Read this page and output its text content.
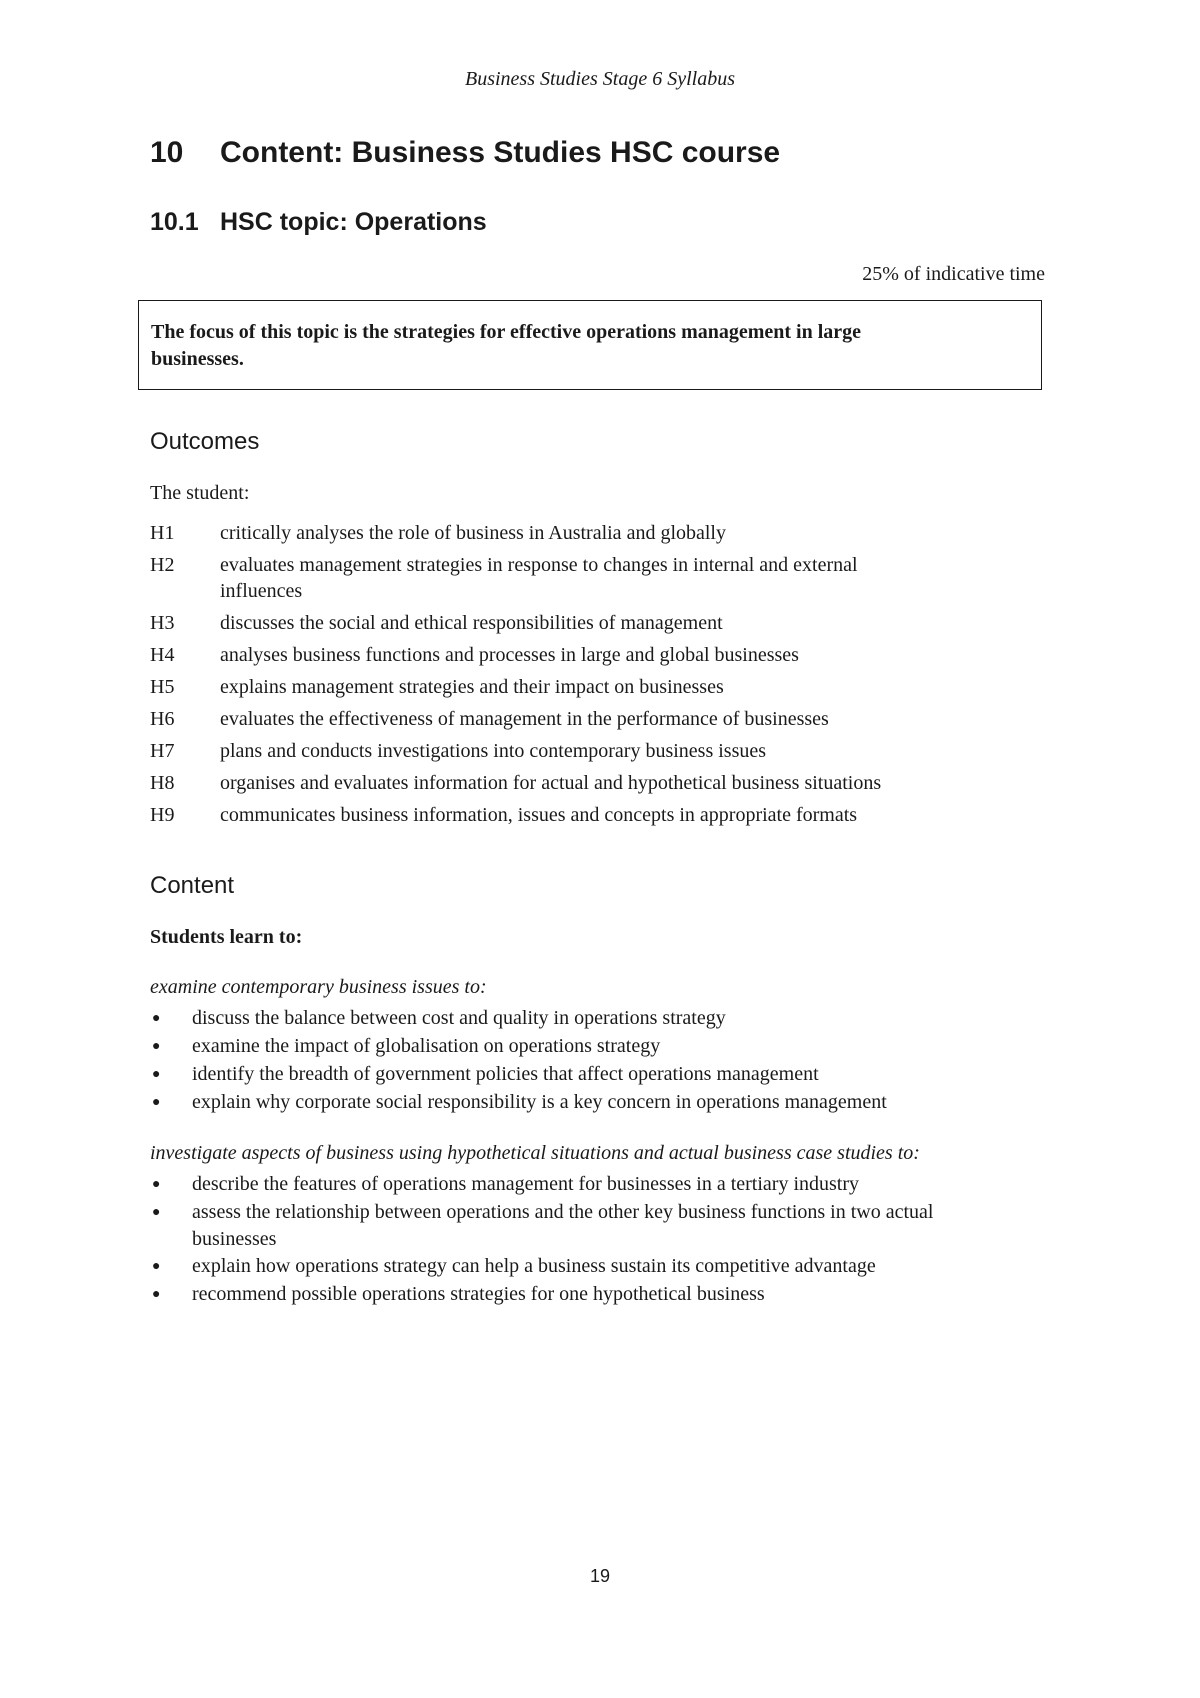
Business Studies Stage 6 Syllabus
10	Content: Business Studies HSC course
10.1 HSC topic: Operations
25% of indicative time
The focus of this topic is the strategies for effective operations management in large businesses.
Outcomes
The student:
H1	critically analyses the role of business in Australia and globally
H2	evaluates management strategies in response to changes in internal and external influences
H3	discusses the social and ethical responsibilities of management
H4	analyses business functions and processes in large and global businesses
H5	explains management strategies and their impact on businesses
H6	evaluates the effectiveness of management in the performance of businesses
H7	plans and conducts investigations into contemporary business issues
H8	organises and evaluates information for actual and hypothetical business situations
H9	communicates business information, issues and concepts in appropriate formats
Content
Students learn to:
examine contemporary business issues to:
●	discuss the balance between cost and quality in operations strategy
●	examine the impact of globalisation on operations strategy
●	identify the breadth of government policies that affect operations management
●	explain why corporate social responsibility is a key concern in operations management
investigate aspects of business using hypothetical situations and actual business case studies to:
●	describe the features of operations management for businesses in a tertiary industry
●	assess the relationship between operations and the other key business functions in two actual businesses
●	explain how operations strategy can help a business sustain its competitive advantage
●	recommend possible operations strategies for one hypothetical business
19
